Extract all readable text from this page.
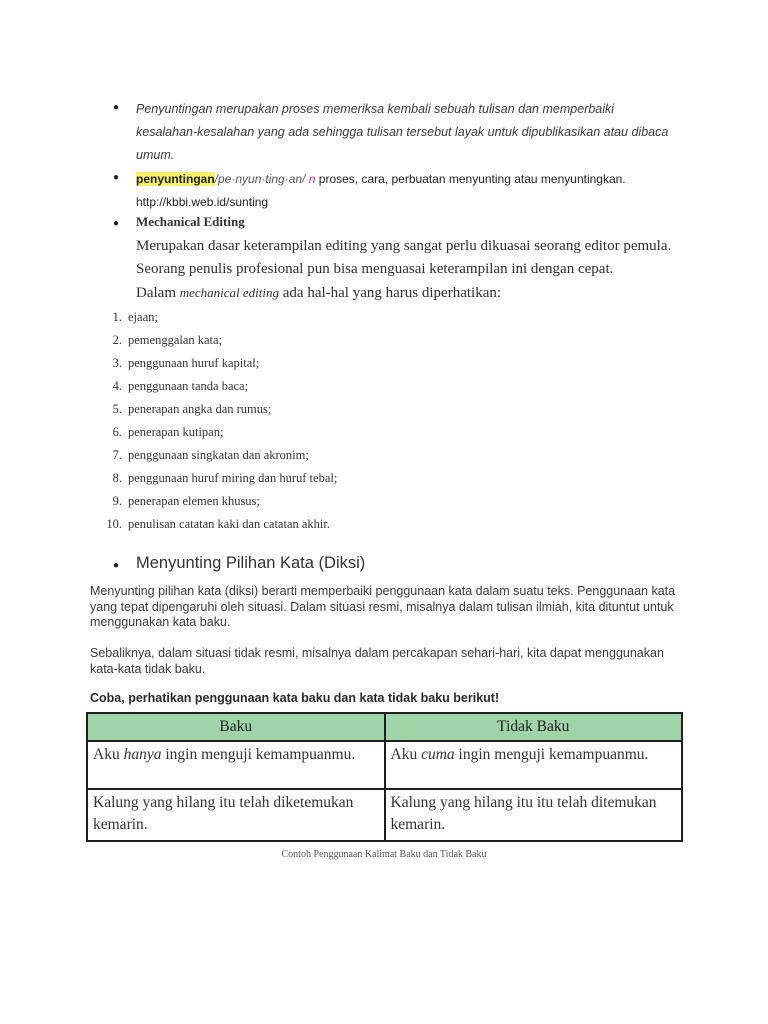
● Penyuntingan merupakan proses memeriksa kembali sebuah tulisan dan memperbaiki kesalahan-kesalahan yang ada sehingga tulisan tersebut layak untuk dipublikasikan atau dibaca umum.
● penyuntingan/pe·nyun·ting·an/ n proses, cara, perbuatan menyunting atau menyuntingkan.
http://kbbi.web.id/sunting
● Mechanical Editing
Merupakan dasar keterampilan editing yang sangat perlu dikuasai seorang editor pemula.
Seorang penulis profesional pun bisa menguasai keterampilan ini dengan cepat.
Dalam mechanical editing ada hal-hal yang harus diperhatikan:
1. ejaan;
2. pemenggalan kata;
3. penggunaan huruf kapital;
4. penggunaan tanda baca;
5. penerapan angka dan rumus;
6. penerapan kutipan;
7. penggunaan singkatan dan akronim;
8. penggunaan huruf miring dan huruf tebal;
9. penerapan elemen khusus;
10. penulisan catatan kaki dan catatan akhir.
● Menyunting Pilihan Kata (Diksi)
Menyunting pilihan kata (diksi) berarti memperbaiki penggunaan kata dalam suatu teks. Penggunaan kata yang tepat dipengaruhi oleh situasi. Dalam situasi resmi, misalnya dalam tulisan ilmiah, kita dituntut untuk menggunakan kata baku.
Sebaliknya, dalam situasi tidak resmi, misalnya dalam percakapan sehari-hari, kita dapat menggunakan kata-kata tidak baku.
Coba, perhatikan penggunaan kata baku dan kata tidak baku berikut!
Baku	Tidak Baku
Aku hanya ingin menguji kemampuanmu.	Aku cuma ingin menguji kemampuanmu.
Kalung yang hilang itu telah diketemukan kemarin.	Kalung yang hilang itu itu telah ditemukan kemarin.
Contoh Penggunaan Kalimat Baku dan Tidak Baku
